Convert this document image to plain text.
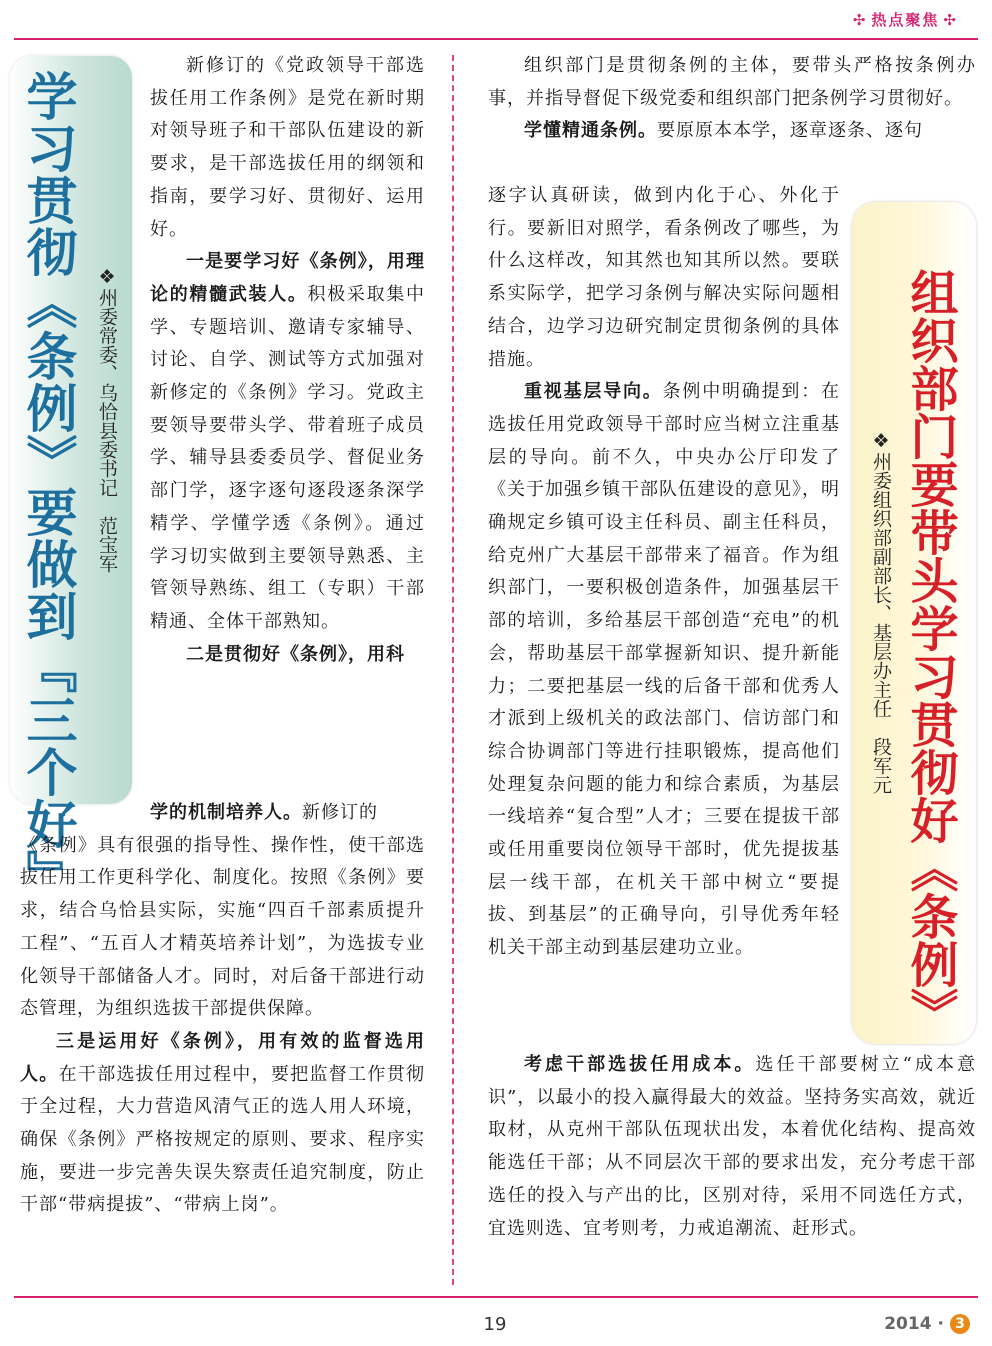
✣ 热点聚焦 ✣
学习贯彻《条例》要做到『三个好』	❖州委常委、乌恰县委书记　范宝军

新修订的《党政领导干部选拔任用工作条例》是党在新时期对领导班子和干部队伍建设的新要求，是干部选拔任用的纲领和指南，要学习好、贯彻好、运用好。

一是要学习好《条例》，用理论的精髓武装人。积极采取集中学、专题培训、邀请专家辅导、讨论、自学、测试等方式加强对新修定的《条例》学习。党政主要领导要带头学、带着班子成员学、辅导县委委员学、督促业务部门学，逐字逐句逐段逐条深学精学、学懂学透《条例》。通过学习切实做到主要领导熟悉、主管领导熟练、组工（专职）干部精通、全体干部熟知。

二是贯彻好《条例》，用科

学的机制培养人。新修订的

《条例》具有很强的指导性、操作性，使干部选拔任用工作更科学化、制度化。按照《条例》要求，结合乌恰县实际，实施“四百千部素质提升工程”、“五百人才精英培养计划”，为选拔专业化领导干部储备人才。同时，对后备干部进行动态管理，为组织选拔干部提供保障。

三是运用好《条例》，用有效的监督选用人。在干部选拔任用过程中，要把监督工作贯彻于全过程，大力营造风清气正的选人用人环境，确保《条例》严格按规定的原则、要求、程序实施，要进一步完善失误失察责任追究制度，防止干部“带病提拔”、“带病上岗”。

组织部门是贯彻条例的主体，要带头严格按条例办事，并指导督促下级党委和组织部门把条例学习贯彻好。

学懂精通条例。要原原本本学，逐章逐条、逐句

逐字认真研读，做到内化于心、外化于行。要新旧对照学，看条例改了哪些，为什么这样改，知其然也知其所以然。要联系实际学，把学习条例与解决实际问题相结合，边学习边研究制定贯彻条例的具体措施。

重视基层导向。条例中明确提到：在选拔任用党政领导干部时应当树立注重基层的导向。前不久，中央办公厅印发了《关于加强乡镇干部队伍建设的意见》，明确规定乡镇可设主任科员、副主任科员，给克州广大基层干部带来了福音。作为组织部门，一要积极创造条件，加强基层干部的培训，多给基层干部创造“充电”的机会，帮助基层干部掌握新知识、提升新能力；二要把基层一线的后备干部和优秀人才派到上级机关的政法部门、信访部门和综合协调部门等进行挂职锻炼，提高他们处理复杂问题的能力和综合素质，为基层一线培养“复合型”人才；三要在提拔干部或任用重要岗位领导干部时，优先提拔基层一线干部，在机关干部中树立“要提拔、到基层”的正确导向，引导优秀年轻机关干部主动到基层建功立业。

考虑干部选拔任用成本。选任干部要树立“成本意识”，以最小的投入赢得最大的效益。坚持务实高效，就近取材，从克州干部队伍现状出发，本着优化结构、提高效能选任干部；从不同层次干部的要求出发，充分考虑干部选任的投入与产出的比，区别对待，采用不同选任方式，宜选则选、宜考则考，力戒追潮流、赶形式。

组织部门要带头学习贯彻好《条例》
❖州委组织部副部长、基层办主任　段军元
19	2014 · 3
